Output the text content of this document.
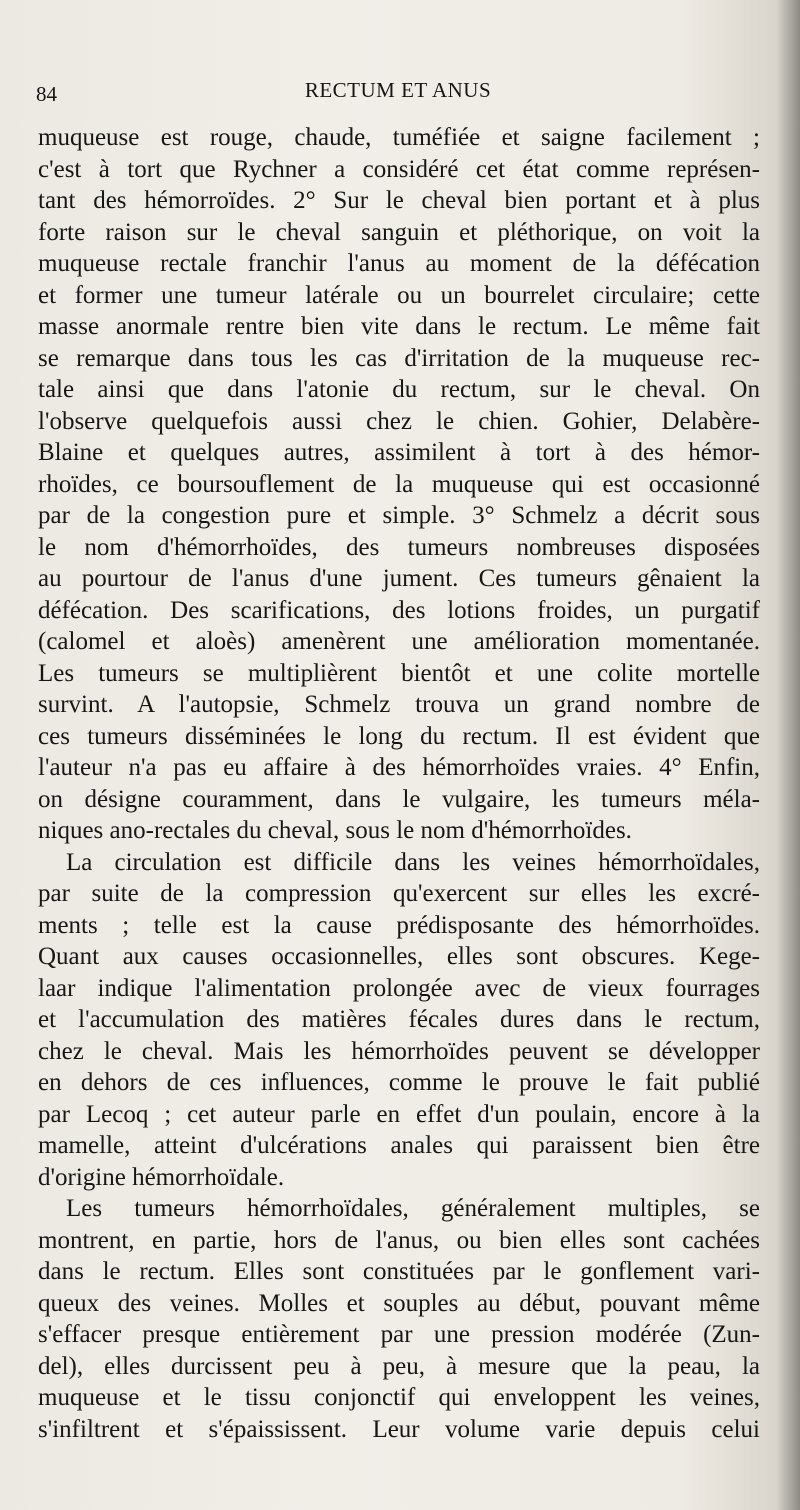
84	RECTUM ET ANUS
muqueuse est rouge, chaude, tuméfiée et saigne facilement ;
c'est à tort que Rychner a considéré cet état comme représen-
tant des hémorroïdes. 2° Sur le cheval bien portant et à plus
forte raison sur le cheval sanguin et pléthorique, on voit la
muqueuse rectale franchir l'anus au moment de la défécation
et former une tumeur latérale ou un bourrelet circulaire; cette
masse anormale rentre bien vite dans le rectum. Le même fait
se remarque dans tous les cas d'irritation de la muqueuse rec-
tale ainsi que dans l'atonie du rectum, sur le cheval. On
l'observe quelquefois aussi chez le chien. Gohier, Delabère-
Blaine et quelques autres, assimilent à tort à des hémor-
rhoïdes, ce boursouflement de la muqueuse qui est occasionné
par de la congestion pure et simple. 3° Schmelz a décrit sous
le nom d'hémorrhoïdes, des tumeurs nombreuses disposées
au pourtour de l'anus d'une jument. Ces tumeurs gênaient la
défécation. Des scarifications, des lotions froides, un purgatif
(calomel et aloès) amenèrent une amélioration momentanée.
Les tumeurs se multiplièrent bientôt et une colite mortelle
survint. A l'autopsie, Schmelz trouva un grand nombre de
ces tumeurs disséminées le long du rectum. Il est évident que
l'auteur n'a pas eu affaire à des hémorrhoïdes vraies. 4° Enfin,
on désigne couramment, dans le vulgaire, les tumeurs méla-
niques ano-rectales du cheval, sous le nom d'hémorrhoïdes.
La circulation est difficile dans les veines hémorrhoïdales,
par suite de la compression qu'exercent sur elles les excré-
ments ; telle est la cause prédisposante des hémorrhoïdes.
Quant aux causes occasionnelles, elles sont obscures. Kege-
laar indique l'alimentation prolongée avec de vieux fourrages
et l'accumulation des matières fécales dures dans le rectum,
chez le cheval. Mais les hémorrhoïdes peuvent se développer
en dehors de ces influences, comme le prouve le fait publié
par Lecoq ; cet auteur parle en effet d'un poulain, encore à la
mamelle, atteint d'ulcérations anales qui paraissent bien être
d'origine hémorrhoïdale.
Les tumeurs hémorrhoïdales, généralement multiples, se
montrent, en partie, hors de l'anus, ou bien elles sont cachées
dans le rectum. Elles sont constituées par le gonflement vari-
queux des veines. Molles et souples au début, pouvant même
s'effacer presque entièrement par une pression modérée (Zun-
del), elles durcissent peu à peu, à mesure que la peau, la
muqueuse et le tissu conjonctif qui enveloppent les veines,
s'infiltrent et s'épaississent. Leur volume varie depuis celui
